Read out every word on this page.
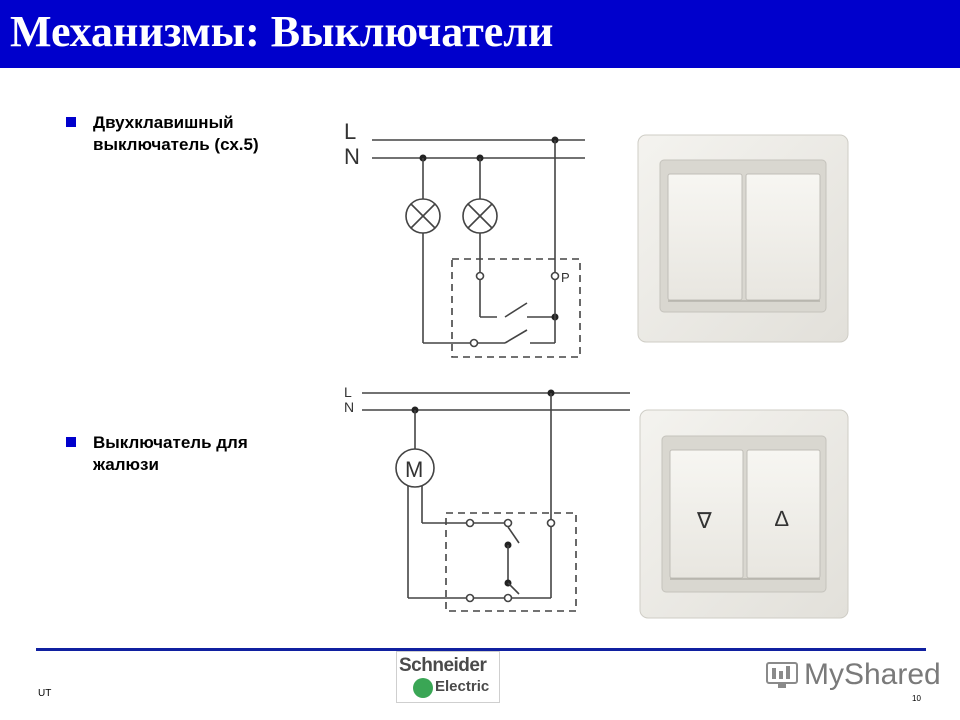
Механизмы: Выключатели
Двухклавишный
выключатель (сх.5)
Выключатель для
жалюзи
L
N
P
L
N
M
∇	∆
UT	10
Schneider
Electric	MyShared
